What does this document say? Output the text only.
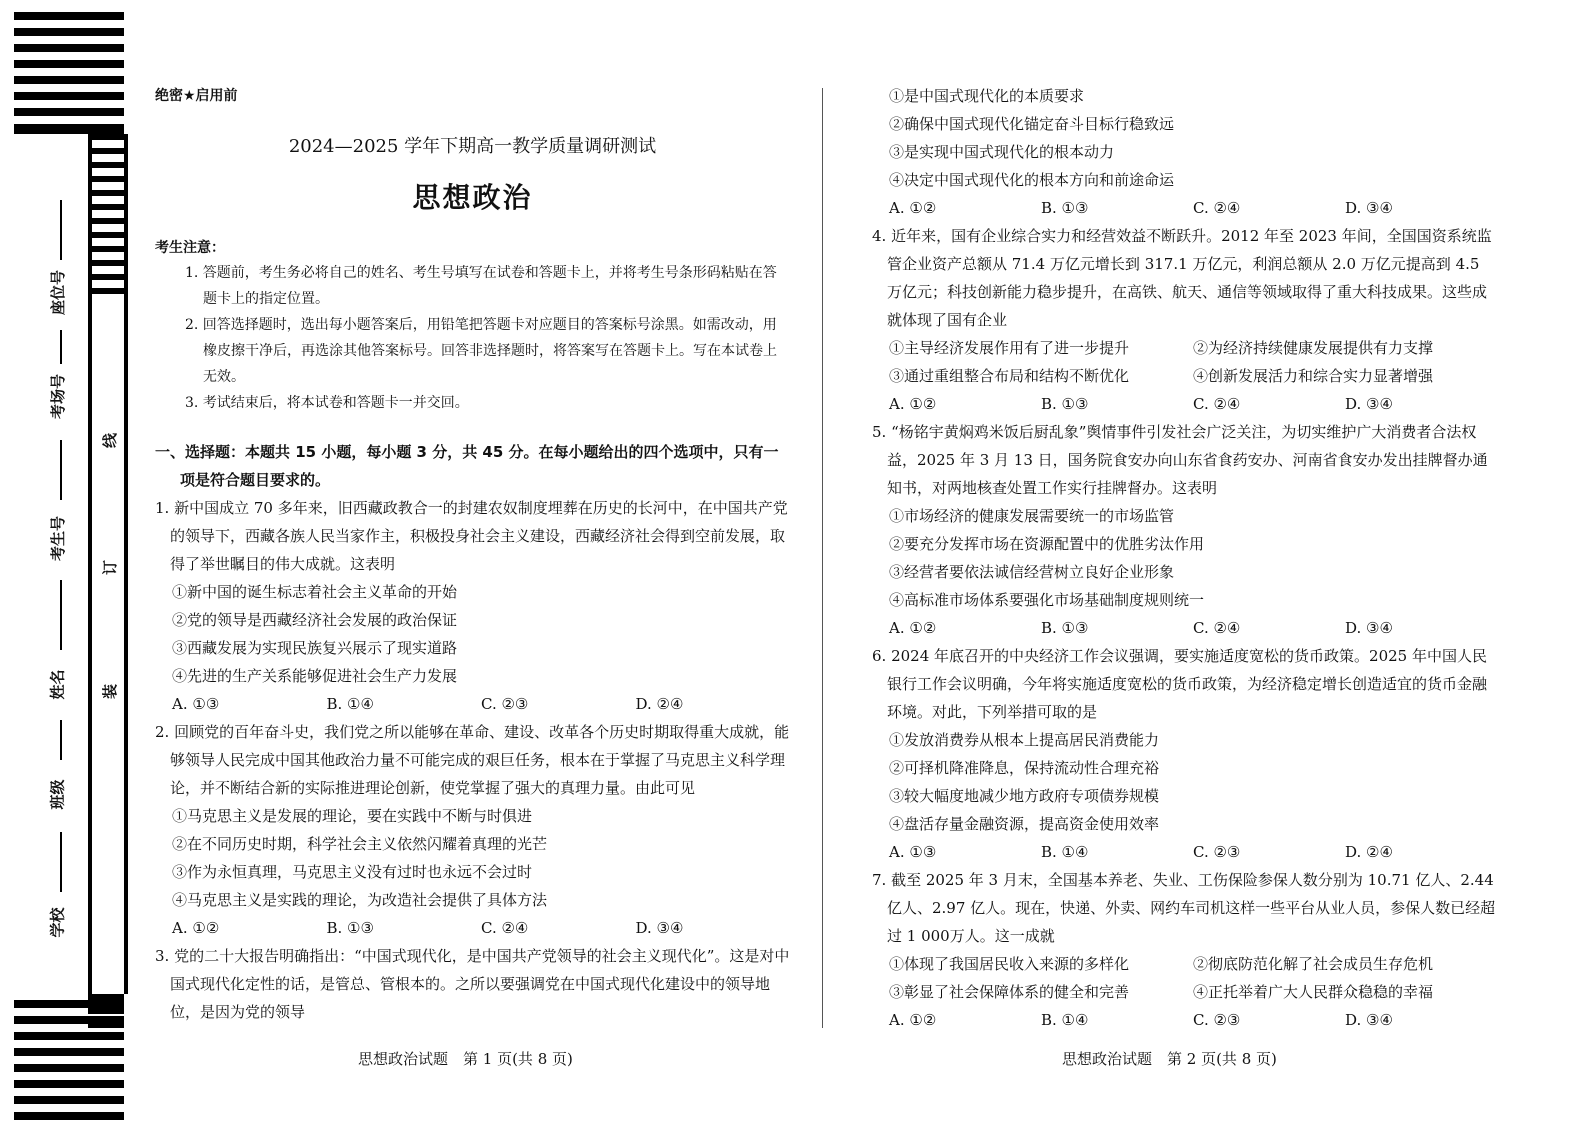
座位号
考场号
考生号
姓名
班级
学校
线
订
装
绝密★启用前
2024—2025 学年下期高一教学质量调研测试
思想政治
考生注意：
1. 答题前，考生务必将自己的姓名、考生号填写在试卷和答题卡上，并将考生号条形码粘贴在答题卡上的指定位置。
2. 回答选择题时，选出每小题答案后，用铅笔把答题卡对应题目的答案标号涂黑。如需改动，用橡皮擦干净后，再选涂其他答案标号。回答非选择题时，将答案写在答题卡上。写在本试卷上无效。
3. 考试结束后，将本试卷和答题卡一并交回。
一、选择题：本题共 15 小题，每小题 3 分，共 45 分。在每小题给出的四个选项中，只有一项是符合题目要求的。
1. 新中国成立 70 多年来，旧西藏政教合一的封建农奴制度埋葬在历史的长河中，在中国共产党的领导下，西藏各族人民当家作主，积极投身社会主义建设，西藏经济社会得到空前发展，取得了举世瞩目的伟大成就。这表明
①新中国的诞生标志着社会主义革命的开始
②党的领导是西藏经济社会发展的政治保证
③西藏发展为实现民族复兴展示了现实道路
④先进的生产关系能够促进社会生产力发展
A. ①③	B. ①④	C. ②③	D. ②④
2. 回顾党的百年奋斗史，我们党之所以能够在革命、建设、改革各个历史时期取得重大成就，能够领导人民完成中国其他政治力量不可能完成的艰巨任务，根本在于掌握了马克思主义科学理论，并不断结合新的实际推进理论创新，使党掌握了强大的真理力量。由此可见
①马克思主义是发展的理论，要在实践中不断与时俱进
②在不同历史时期，科学社会主义依然闪耀着真理的光芒
③作为永恒真理，马克思主义没有过时也永远不会过时
④马克思主义是实践的理论，为改造社会提供了具体方法
A. ①②	B. ①③	C. ②④	D. ③④
3. 党的二十大报告明确指出：“中国式现代化，是中国共产党领导的社会主义现代化”。这是对中国式现代化定性的话，是管总、管根本的。之所以要强调党在中国式现代化建设中的领导地位，是因为党的领导
①是中国式现代化的本质要求
②确保中国式现代化锚定奋斗目标行稳致远
③是实现中国式现代化的根本动力
④决定中国式现代化的根本方向和前途命运
A. ①②	B. ①③	C. ②④	D. ③④
4. 近年来，国有企业综合实力和经营效益不断跃升。2012 年至 2023 年间，全国国资系统监管企业资产总额从 71.4 万亿元增长到 317.1 万亿元，利润总额从 2.0 万亿元提高到 4.5 万亿元；科技创新能力稳步提升，在高铁、航天、通信等领域取得了重大科技成果。这些成就体现了国有企业
①主导经济发展作用有了进一步提升	②为经济持续健康发展提供有力支撑
③通过重组整合布局和结构不断优化	④创新发展活力和综合实力显著增强
A. ①②	B. ①③	C. ②④	D. ③④
5. “杨铭宇黄焖鸡米饭后厨乱象”舆情事件引发社会广泛关注，为切实维护广大消费者合法权益，2025 年 3 月 13 日，国务院食安办向山东省食药安办、河南省食安办发出挂牌督办通知书，对两地核查处置工作实行挂牌督办。这表明
①市场经济的健康发展需要统一的市场监管
②要充分发挥市场在资源配置中的优胜劣汰作用
③经营者要依法诚信经营树立良好企业形象
④高标准市场体系要强化市场基础制度规则统一
A. ①②	B. ①③	C. ②④	D. ③④
6. 2024 年底召开的中央经济工作会议强调，要实施适度宽松的货币政策。2025 年中国人民银行工作会议明确，今年将实施适度宽松的货币政策，为经济稳定增长创造适宜的货币金融环境。对此，下列举措可取的是
①发放消费券从根本上提高居民消费能力
②可择机降准降息，保持流动性合理充裕
③较大幅度地减少地方政府专项债券规模
④盘活存量金融资源，提高资金使用效率
A. ①③	B. ①④	C. ②③	D. ②④
7. 截至 2025 年 3 月末，全国基本养老、失业、工伤保险参保人数分别为 10.71 亿人、2.44 亿人、2.97 亿人。现在，快递、外卖、网约车司机这样一些平台从业人员，参保人数已经超过 1 000万人。这一成就
①体现了我国居民收入来源的多样化	②彻底防范化解了社会成员生存危机
③彰显了社会保障体系的健全和完善	④正托举着广大人民群众稳稳的幸福
A. ①②	B. ①④	C. ②③	D. ③④
思想政治试题　第 1 页(共 8 页)	思想政治试题　第 2 页(共 8 页)
